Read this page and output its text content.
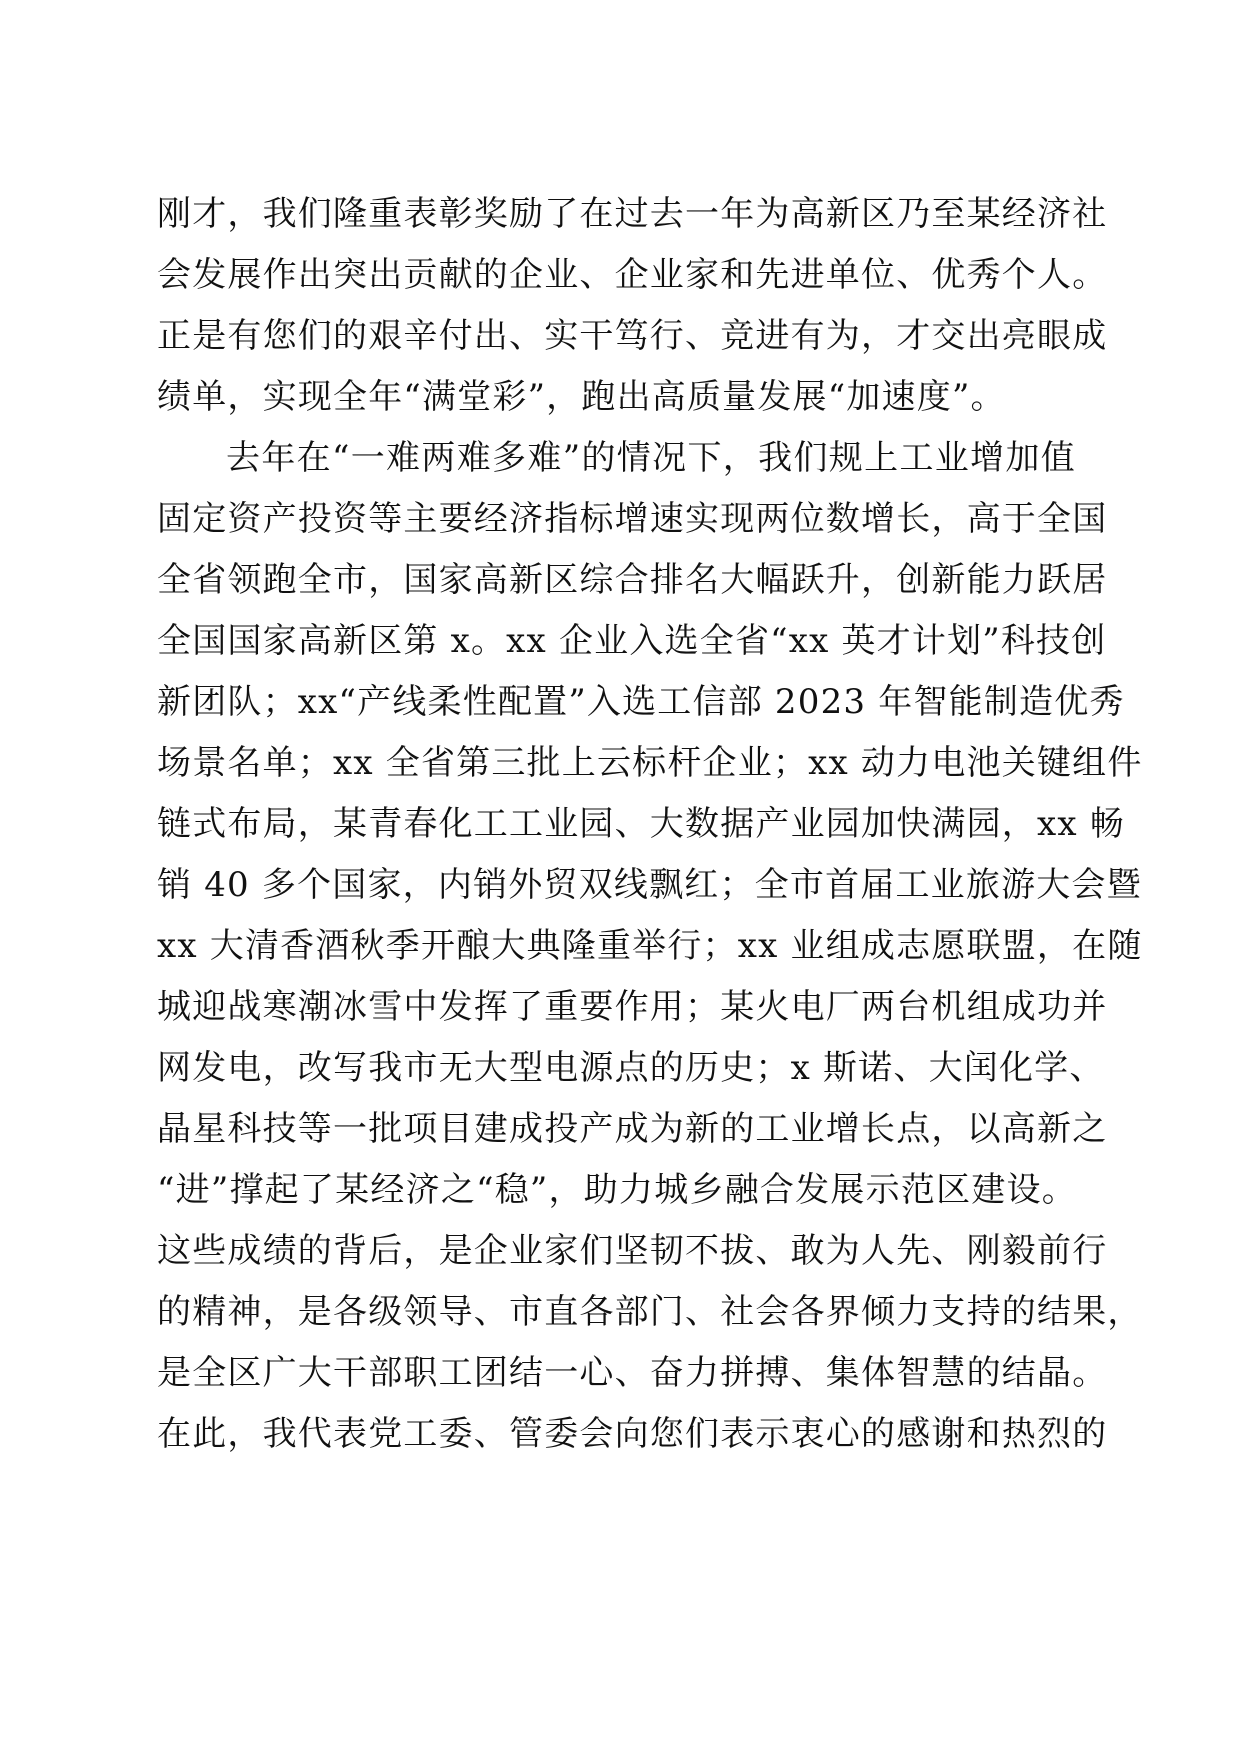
刚才，我们隆重表彰奖励了在过去一年为高新区乃至某经济社

会发展作出突出贡献的企业、企业家和先进单位、优秀个人。

正是有您们的艰辛付出、实干笃行、竞进有为，才交出亮眼成

绩单，实现全年“满堂彩”，跑出高质量发展“加速度”。

去年在“一难两难多难”的情况下，我们规上工业增加值

固定资产投资等主要经济指标增速实现两位数增长，高于全国

全省领跑全市，国家高新区综合排名大幅跃升，创新能力跃居

全国国家高新区第 x。xx 企业入选全省“xx 英才计划”科技创

新团队；xx“产线柔性配置”入选工信部 2023 年智能制造优秀

场景名单；xx 全省第三批上云标杆企业；xx 动力电池关键组件

链式布局，某青春化工工业园、大数据产业园加快满园，xx 畅

销 40 多个国家，内销外贸双线飘红；全市首届工业旅游大会暨

xx 大清香酒秋季开酿大典隆重举行；xx 业组成志愿联盟，在随

城迎战寒潮冰雪中发挥了重要作用；某火电厂两台机组成功并

网发电，改写我市无大型电源点的历史；x 斯诺、大闰化学、

晶星科技等一批项目建成投产成为新的工业增长点，以高新之

“进”撑起了某经济之“稳”，助力城乡融合发展示范区建设。

这些成绩的背后，是企业家们坚韧不拔、敢为人先、刚毅前行

的精神，是各级领导、市直各部门、社会各界倾力支持的结果，

是全区广大干部职工团结一心、奋力拼搏、集体智慧的结晶。

在此，我代表党工委、管委会向您们表示衷心的感谢和热烈的
